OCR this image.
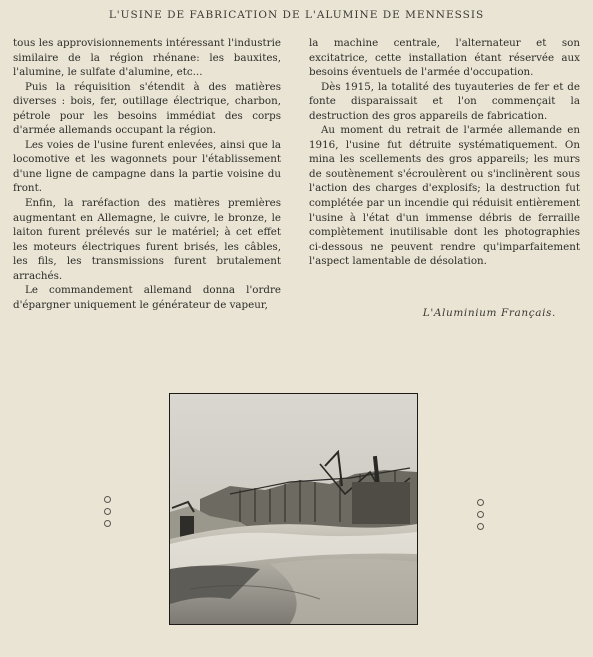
L'USINE DE FABRICATION DE L'ALUMINE DE MENNESSIS

tous les approvisionnements intéressant l'industrie similaire de la région rhénane: les bauxites, l'alumine, le sulfate d'alumine, etc...

Puis la réquisition s'étendit à des matières diverses : bois, fer, outillage électrique, charbon, pétrole pour les besoins immédiat des corps d'armée allemands occupant la région.

Les voies de l'usine furent enlevées, ainsi que la locomotive et les wagonnets pour l'établissement d'une ligne de campagne dans la partie voisine du front.

Enfin, la raréfaction des matières premières augmentant en Allemagne, le cuivre, le bronze, le laiton furent prélevés sur le matériel; à cet effet les moteurs électriques furent brisés, les câbles, les fils, les transmissions furent brutalement arrachés.

Le commandement allemand donna l'ordre d'épargner uniquement le générateur de vapeur,

la machine centrale, l'alternateur et son excitatrice, cette installation étant réservée aux besoins éventuels de l'armée d'occupation.

Dès 1915, la totalité des tuyauteries de fer et de fonte disparaissait et l'on commençait la destruction des gros appareils de fabrication.

Au moment du retrait de l'armée allemande en 1916, l'usine fut détruite systématiquement. On mina les scellements des gros appareils; les murs de soutènement s'écroulèrent ou s'inclinèrent sous l'action des charges d'explosifs; la destruction fut complétée par un incendie qui réduisit entièrement l'usine à l'état d'un immense débris de ferraille complètement inutilisable dont les photographies ci-dessous ne peuvent rendre qu'imparfaitement l'aspect lamentable de désolation.

L'Aluminium Français.
